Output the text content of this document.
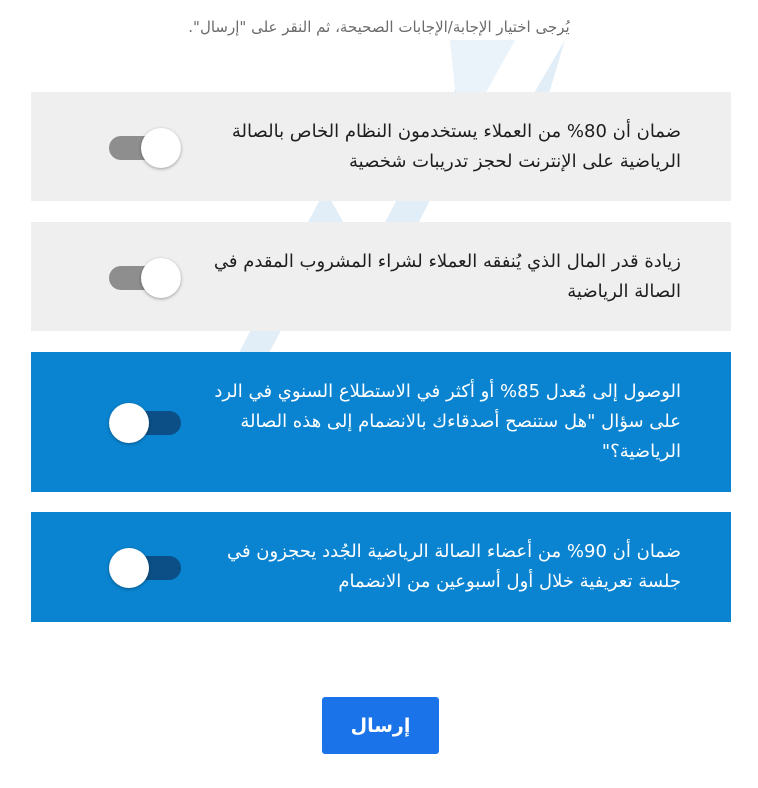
يُرجى اختيار الإجابة/الإجابات الصحيحة، ثم النقر على "إرسال".
ضمان أن 80% من العملاء يستخدمون النظام الخاص بالصالة الرياضية على الإنترنت لحجز تدريبات شخصية
زيادة قدر المال الذي يُنفقه العملاء لشراء المشروب المقدم في الصالة الرياضية
الوصول إلى مُعدل 85% أو أكثر في الاستطلاع السنوي في الرد على سؤال "هل ستنصح أصدقاءك بالانضمام إلى هذه الصالة الرياضية؟"
ضمان أن 90% من أعضاء الصالة الرياضية الجُدد يحجزون في جلسة تعريفية خلال أول أسبوعين من الانضمام
إرسال
